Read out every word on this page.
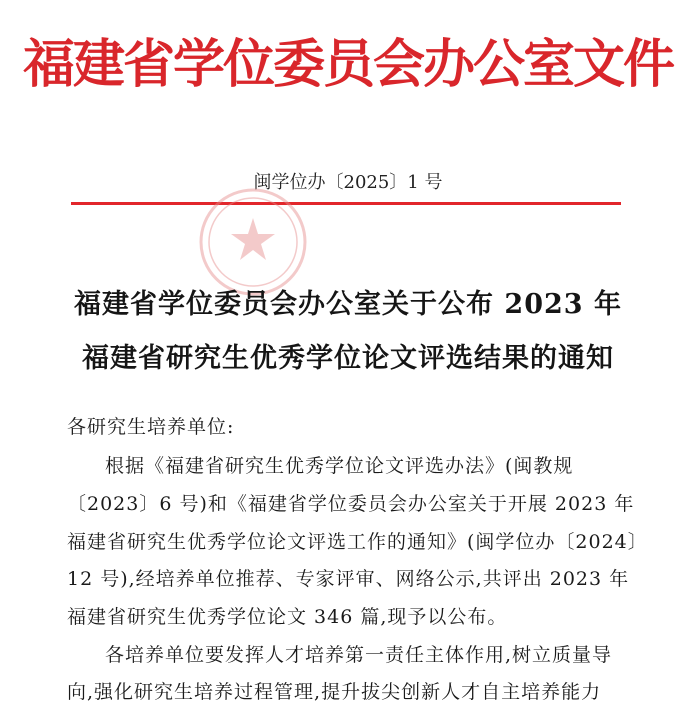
福建省学位委员会办公室文件
闽学位办〔2025〕1 号
福建省学位委员会办公室关于公布 2023 年
福建省研究生优秀学位论文评选结果的通知
各研究生培养单位:
根据《福建省研究生优秀学位论文评选办法》(闽教规〔2023〕6 号)和《福建省学位委员会办公室关于开展 2023 年福建省研究生优秀学位论文评选工作的通知》(闽学位办〔2024〕12 号),经培养单位推荐、专家评审、网络公示,共评出 2023 年福建省研究生优秀学位论文 346 篇,现予以公布。
各培养单位要发挥人才培养第一责任主体作用,树立质量导向,强化研究生培养过程管理,提升拔尖创新人才自主培养能力
